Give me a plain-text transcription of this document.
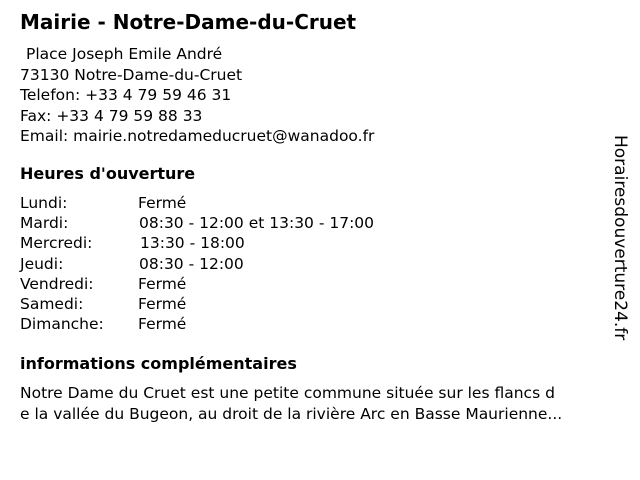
Mairie - Notre-Dame-du-Cruet
Place Joseph Emile André
73130 Notre-Dame-du-Cruet
Telefon: +33 4 79 59 46 31
Fax: +33 4 79 59 88 33
Email: mairie.notredameducruet@wanadoo.fr
Heures d'ouverture
Lundi:	Fermé
Mardi:	08:30 - 12:00 et 13:30 - 17:00
Mercredi:	13:30 - 18:00
Jeudi:	08:30 - 12:00
Vendredi:	Fermé
Samedi:	Fermé
Dimanche: Fermé
informations complémentaires
Notre Dame du Cruet est une petite commune située sur les flancs d
e la vallée du Bugeon, au droit de la rivière Arc en Basse Maurienne...
Horairesdouverture24.fr
